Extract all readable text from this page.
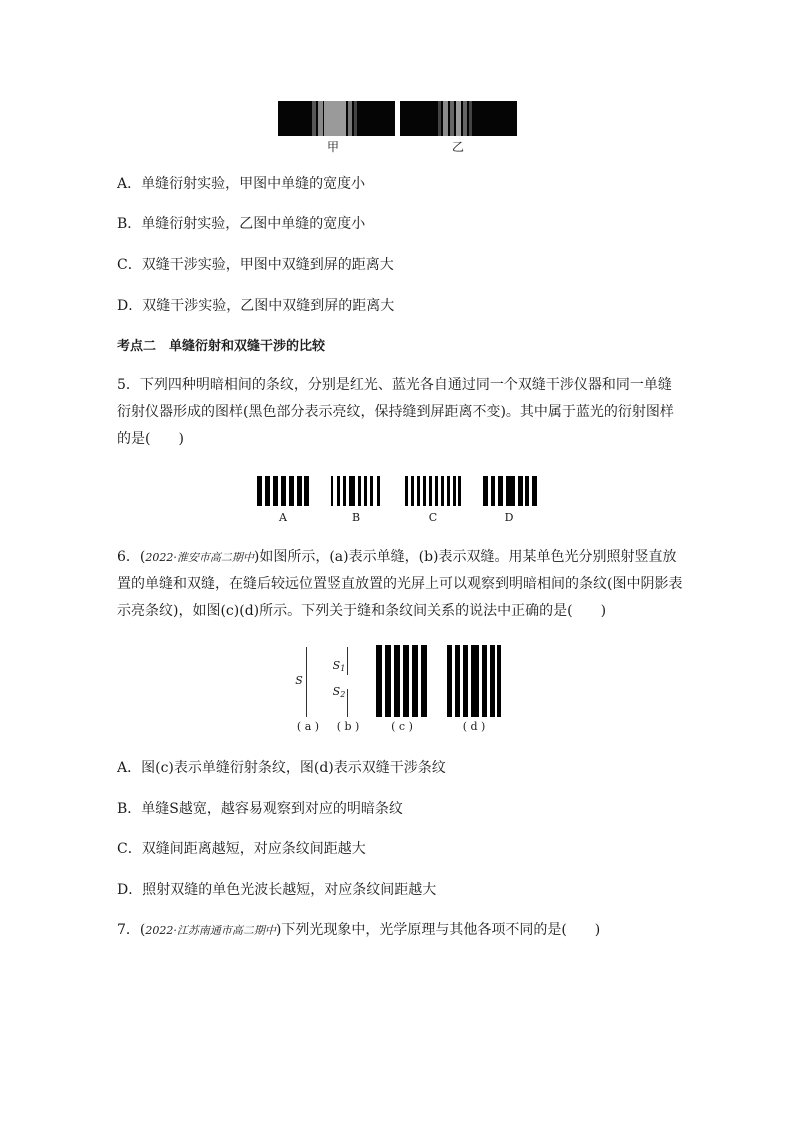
甲	乙
A．单缝衍射实验，甲图中单缝的宽度小
B．单缝衍射实验，乙图中单缝的宽度小
C．双缝干涉实验，甲图中双缝到屏的距离大
D．双缝干涉实验，乙图中双缝到屏的距离大
考点二　单缝衍射和双缝干涉的比较
5．下列四种明暗相间的条纹，分别是红光、蓝光各自通过同一个双缝干涉仪器和同一单缝衍射仪器形成的图样(黑色部分表示亮纹，保持缝到屏距离不变)。其中属于蓝光的衍射图样的是(　　)
A	B	C	D
6．(2022·淮安市高二期中)如图所示，(a)表示单缝，(b)表示双缝。用某单色光分别照射竖直放置的单缝和双缝，在缝后较远位置竖直放置的光屏上可以观察到明暗相间的条纹(图中阴影表示亮条纹)，如图(c)(d)所示。下列关于缝和条纹间关系的说法中正确的是(　　)
S
$S_1$
$S_2$
( a )	( b )	( c )	( d )
A．图(c)表示单缝衍射条纹，图(d)表示双缝干涉条纹
B．单缝S越宽，越容易观察到对应的明暗条纹
C．双缝间距离越短，对应条纹间距越大
D．照射双缝的单色光波长越短，对应条纹间距越大
7．(2022·江苏南通市高二期中)下列光现象中，光学原理与其他各项不同的是(　　)
